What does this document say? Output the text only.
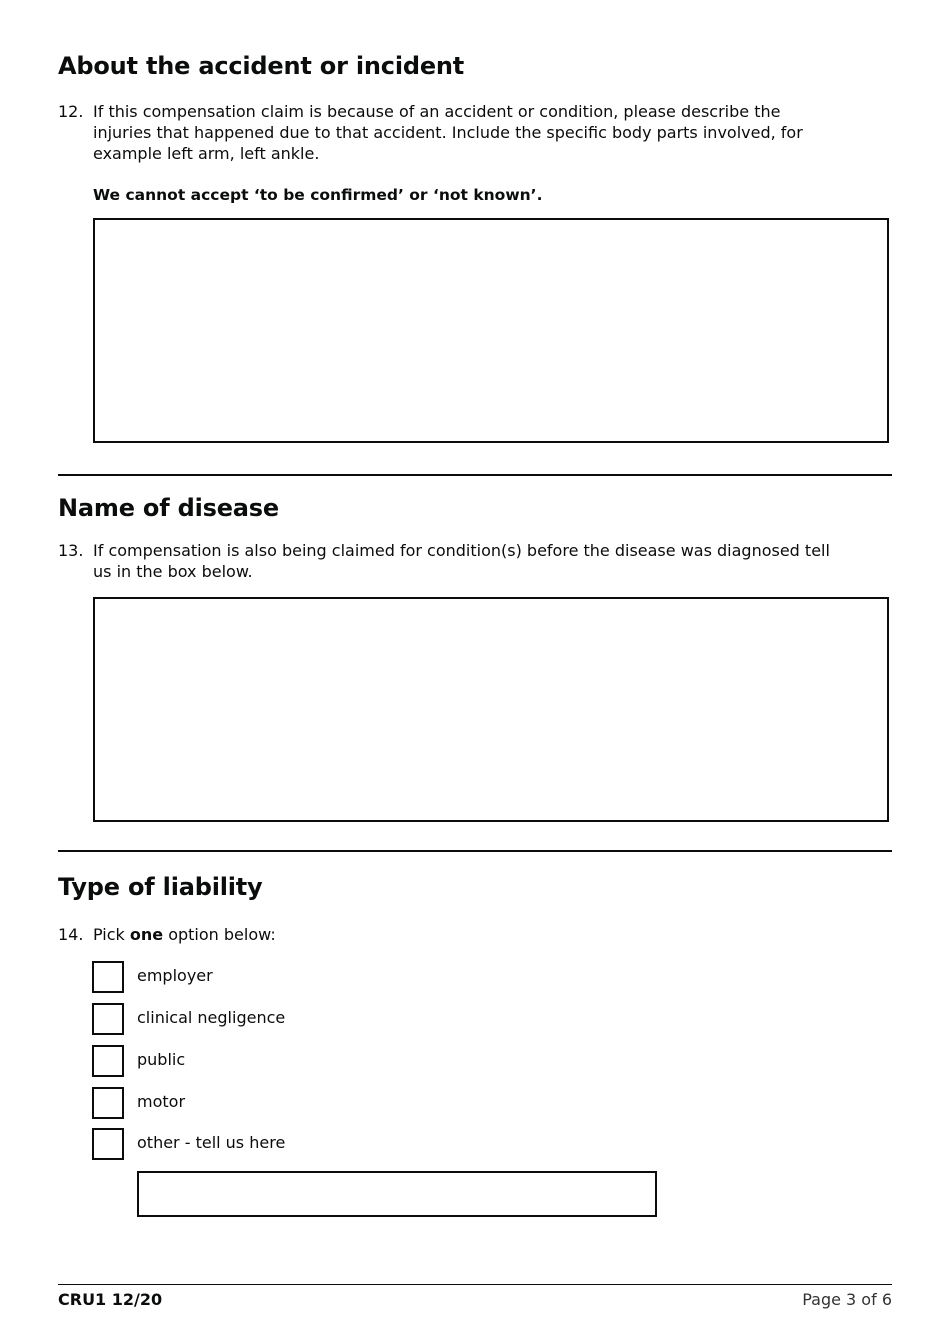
About the accident or incident
12. If this compensation claim is because of an accident or condition, please describe the injuries that happened due to that accident. Include the specific body parts involved, for example left arm, left ankle.
We cannot accept ‘to be confirmed’ or ‘not known’.
Name of disease
13. If compensation is also being claimed for condition(s) before the disease was diagnosed tell us in the box below.
Type of liability
14. Pick one option below:
employer
clinical negligence
public
motor
other - tell us here
CRU1 12/20	Page 3 of 6
